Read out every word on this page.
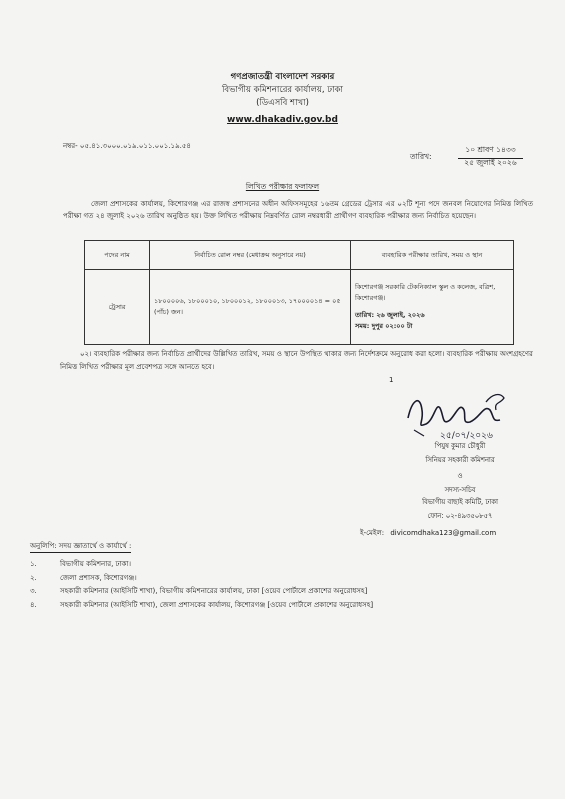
গণপ্রজাতন্ত্রী বাংলাদেশ সরকার
বিভাগীয় কমিশনারের কার্যালয়, ঢাকা
(ডিএসবি শাখা)
www.dhakadiv.gov.bd
নম্বর- ০৫.৪১.৩০০০.০১৯.০১১.০০১.১৯.৫৪
তারিখ:
১০ শ্রাবণ ১৪৩৩
২৫ জুলাই ২০২৬
লিখিত পরীক্ষার ফলাফল
জেলা প্রশাসকের কার্যালয়, কিশোরগঞ্জ এর রাজস্ব প্রশাসনের অধীন অফিসসমূহের ১৬তম গ্রেডের ট্রেসার এর ০২টি শূন্য পদে জনবল নিয়োগের নিমিত্ত লিখিত পরীক্ষা গত ২৪ জুলাই ২০২৬ তারিখ অনুষ্ঠিত হয়। উক্ত লিখিত পরীক্ষায় নিম্নবর্ণিত রোল নম্বরধারী প্রার্থীগণ ব্যবহারিক পরীক্ষার জন্য নির্বাচিত হয়েছেন।
পদের নাম	নির্বাচিত রোল নম্বর (মেধাক্রম অনুসারে নয়)	ব্যবহারিক পরীক্ষার তারিখ, সময় ও স্থান
ট্রেসার	১৮০০০০৬, ১৮০০০১০, ১৮০০০১২, ১৮০০০১৩, ১৭০০০০১৪ = ০৫ (পাঁচ) জন।	কিশোরগঞ্জ সরকারি টেকনিক্যাল স্কুল ও কলেজ, বত্রিশ, কিশোরগঞ্জ।
তারিখ: ২৬ জুলাই, ২০২৬
সময়: দুপুর ০২:০০ টা
০২। ব্যবহারিক পরীক্ষার জন্য নির্বাচিত প্রার্থীদের উল্লিখিত তারিখ, সময় ও স্থানে উপস্থিত থাকার জন্য নির্দেশক্রমে অনুরোধ করা হলো। ব্যবহারিক পরীক্ষায় অংশগ্রহণের নিমিত্ত লিখিত পরীক্ষার মূল প্রবেশপত্র সঙ্গে আনতে হবে।
1
২৫/০৭/২০২৬
পিযুষ কুমার চৌধুরী
সিনিয়র সহকারী কমিশনার
ও
সদস্য-সচিব
বিভাগীয় বাছাই কমিটি, ঢাকা
ফোন: ০২-৪৯৩৫০৮৫৭
ই-মেইল: divicomdhaka123@gmail.com
অনুলিপি: সদয় জ্ঞাতার্থে ও কার্যার্থে :
১.	বিভাগীয় কমিশনার, ঢাকা।
২.	জেলা প্রশাসক, কিশোরগঞ্জ।
৩.	সহকারী কমিশনার (আইসিটি শাখা), বিভাগীয় কমিশনারের কার্যালয়, ঢাকা [ওয়েব পোর্টালে প্রকাশের অনুরোধসহ]
৪.	সহকারী কমিশনার (আইসিটি শাখা), জেলা প্রশাসকের কার্যালয়, কিশোরগঞ্জ [ওয়েব পোর্টালে প্রকাশের অনুরোধসহ]
